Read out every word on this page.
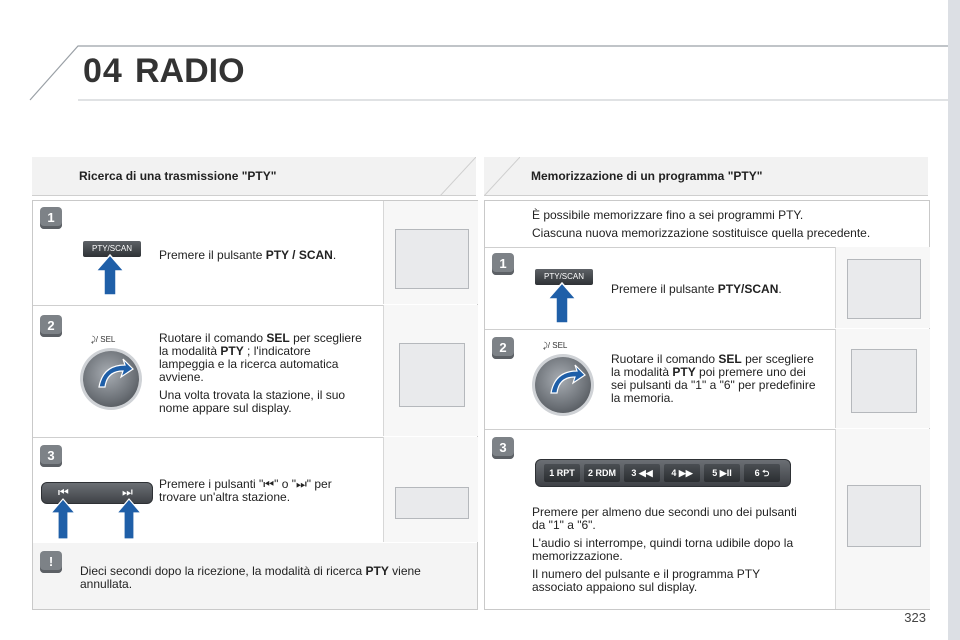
04 RADIO
Ricerca di una trasmissione "PTY"
1
PTY/SCAN	Premere il pulsante PTY / SCAN.
2
⤸/ SEL	Ruotare il comando SEL per scegliere
la modalità PTY ; l'indicatore
lampeggia e la ricerca automatica
avviene.
Una volta trovata la stazione, il suo
nome appare sul display.
3
⏮	⏭
Premere i pulsanti "⏮" o "⏭" per
trovare un'altra stazione.
!
Dieci secondi dopo la ricezione, la modalità di ricerca PTY viene
annullata.
Memorizzazione di un programma "PTY"
È possibile memorizzare fino a sei programmi PTY.
Ciascuna nuova memorizzazione sostituisce quella precedente.
1
PTY/SCAN
Premere il pulsante PTY/SCAN.
2	⤸/ SEL
Ruotare il comando SEL per scegliere
la modalità PTY poi premere uno dei
sei pulsanti da "1" a "6" per predefinire
la memoria.
3
1 RPT	2 RDM	3 ◀◀	4 ▶▶	5 ▶II	6 ⮌
Premere per almeno due secondi uno dei pulsanti
da "1" a "6".
L'audio si interrompe, quindi torna udibile dopo la
memorizzazione.
Il numero del pulsante e il programma PTY
associato appaiono sul display.
323
